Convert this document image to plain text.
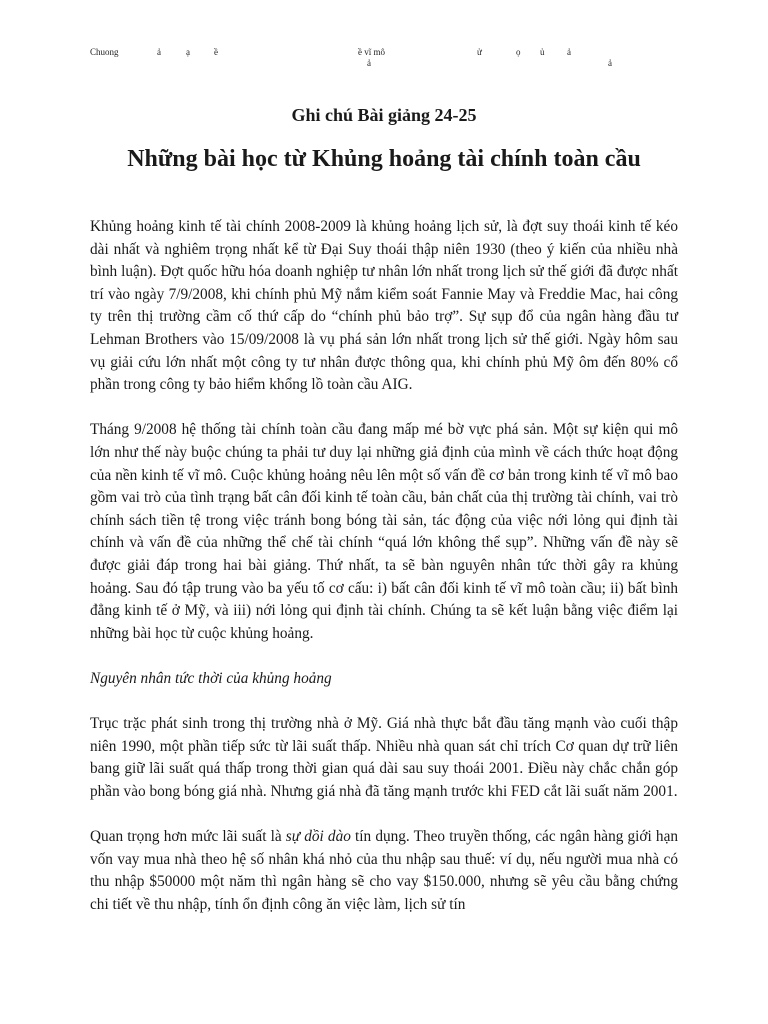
Chuong	ả	ạ	ề	ề vĩ mô
ả
ử	ọ ủ	ả
ả
Ghi chú Bài giảng 24-25
Những bài học từ Khủng hoảng tài chính toàn cầu

Khủng hoảng kinh tế tài chính 2008-2009 là khủng hoảng lịch sử, là đợt suy thoái kinh tế kéo dài nhất và nghiêm trọng nhất kể từ Đại Suy thoái thập niên 1930 (theo ý kiến của nhiều nhà bình luận). Đợt quốc hữu hóa doanh nghiệp tư nhân lớn nhất trong lịch sử thế giới đã được nhất trí vào ngày 7/9/2008, khi chính phủ Mỹ nắm kiểm soát Fannie May và Freddie Mac, hai công ty trên thị trường cầm cố thứ cấp do “chính phủ bảo trợ”. Sự sụp đổ của ngân hàng đầu tư Lehman Brothers vào 15/09/2008 là vụ phá sản lớn nhất trong lịch sử thế giới. Ngày hôm sau vụ giải cứu lớn nhất một công ty tư nhân được thông qua, khi chính phủ Mỹ ôm đến 80% cổ phần trong công ty bảo hiểm khổng lồ toàn cầu AIG.

Tháng 9/2008 hệ thống tài chính toàn cầu đang mấp mé bờ vực phá sản. Một sự kiện qui mô lớn như thế này buộc chúng ta phải tư duy lại những giả định của mình về cách thức hoạt động của nền kinh tế vĩ mô. Cuộc khủng hoảng nêu lên một số vấn đề cơ bản trong kinh tế vĩ mô bao gồm vai trò của tình trạng bất cân đối kinh tế toàn cầu, bản chất của thị trường tài chính, vai trò chính sách tiền tệ trong việc tránh bong bóng tài sản, tác động của việc nới lỏng qui định tài chính và vấn đề của những thể chế tài chính “quá lớn không thể sụp”. Những vấn đề này sẽ được giải đáp trong hai bài giảng. Thứ nhất, ta sẽ bàn nguyên nhân tức thời gây ra khủng hoảng. Sau đó tập trung vào ba yếu tố cơ cấu: i) bất cân đối kinh tế vĩ mô toàn cầu; ii) bất bình đẳng kinh tế ở Mỹ, và iii) nới lỏng qui định tài chính. Chúng ta sẽ kết luận bằng việc điểm lại những bài học từ cuộc khủng hoảng.

Nguyên nhân tức thời của khủng hoảng

Trục trặc phát sinh trong thị trường nhà ở Mỹ. Giá nhà thực bắt đầu tăng mạnh vào cuối thập niên 1990, một phần tiếp sức từ lãi suất thấp. Nhiều nhà quan sát chỉ trích Cơ quan dự trữ liên bang giữ lãi suất quá thấp trong thời gian quá dài sau suy thoái 2001. Điều này chắc chắn góp phần vào bong bóng giá nhà. Nhưng giá nhà đã tăng mạnh trước khi FED cắt lãi suất năm 2001.

Quan trọng hơn mức lãi suất là sự dồi dào tín dụng. Theo truyền thống, các ngân hàng giới hạn vốn vay mua nhà theo hệ số nhân khá nhỏ của thu nhập sau thuế: ví dụ, nếu người mua nhà có thu nhập $50000 một năm thì ngân hàng sẽ cho vay $150.000, nhưng sẽ yêu cầu bằng chứng chi tiết về thu nhập, tính ổn định công ăn việc làm, lịch sử tín
